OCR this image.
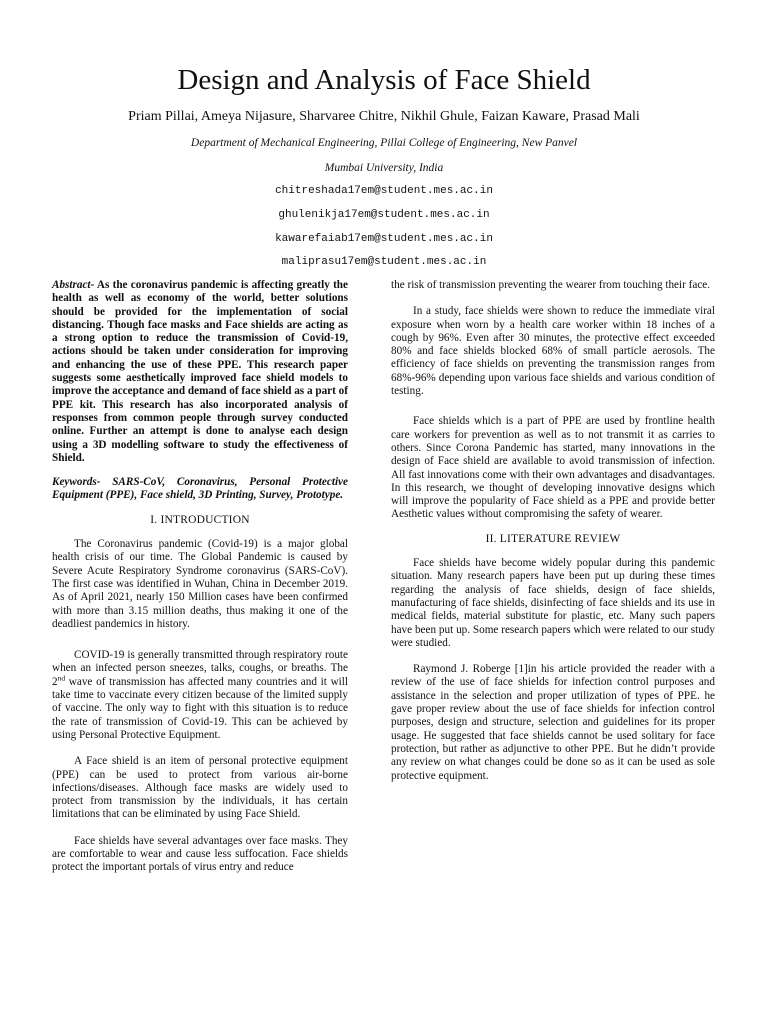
Design and Analysis of Face Shield
Priam Pillai, Ameya Nijasure, Sharvaree Chitre, Nikhil Ghule, Faizan Kaware, Prasad Mali
Department of Mechanical Engineering, Pillai College of Engineering, New Panvel
Mumbai University, India
chitreshada17em@student.mes.ac.in
ghulenikja17em@student.mes.ac.in
kawarefaiab17em@student.mes.ac.in
maliprasu17em@student.mes.ac.in

Abstract- As the coronavirus pandemic is affecting greatly the health as well as economy of the world, better solutions should be provided for the implementation of social distancing. Though face masks and Face shields are acting as a strong option to reduce the transmission of Covid-19, actions should be taken under consideration for improving and enhancing the use of these PPE. This research paper suggests some aesthetically improved face shield models to improve the acceptance and demand of face shield as a part of PPE kit. This research has also incorporated analysis of responses from common people through survey conducted online. Further an attempt is done to analyse each design using a 3D modelling software to study the effectiveness of Shield.

Keywords- SARS-CoV, Coronavirus, Personal Protective Equipment (PPE), Face shield, 3D Printing, Survey, Prototype.

I. INTRODUCTION

The Coronavirus pandemic (Covid-19) is a major global health crisis of our time. The Global Pandemic is caused by Severe Acute Respiratory Syndrome coronavirus (SARS-CoV). The first case was identified in Wuhan, China in December 2019. As of April 2021, nearly 150 Million cases have been confirmed with more than 3.15 million deaths, thus making it one of the deadliest pandemics in history.

COVID-19 is generally transmitted through respiratory route when an infected person sneezes, talks, coughs, or breaths. The 2nd wave of transmission has affected many countries and it will take time to vaccinate every citizen because of the limited supply of vaccine. The only way to fight with this situation is to reduce the rate of transmission of Covid-19. This can be achieved by using Personal Protective Equipment.

A Face shield is an item of personal protective equipment (PPE) can be used to protect from various air-borne infections/diseases. Although face masks are widely used to protect from transmission by the individuals, it has certain limitations that can be eliminated by using Face Shield.

Face shields have several advantages over face masks. They are comfortable to wear and cause less suffocation. Face shields protect the important portals of virus entry and reduce

the risk of transmission preventing the wearer from touching their face.

In a study, face shields were shown to reduce the immediate viral exposure when worn by a health care worker within 18 inches of a cough by 96%. Even after 30 minutes, the protective effect exceeded 80% and face shields blocked 68% of small particle aerosols. The efficiency of face shields on preventing the transmission ranges from 68%-96% depending upon various face shields and various condition of testing.

Face shields which is a part of PPE are used by frontline health care workers for prevention as well as to not transmit it as carries to others. Since Corona Pandemic has started, many innovations in the design of Face shield are available to avoid transmission of infection. All fast innovations come with their own advantages and disadvantages. In this research, we thought of developing innovative designs which will improve the popularity of Face shield as a PPE and provide better Aesthetic values without compromising the safety of wearer.

II. LITERATURE REVIEW

Face shields have become widely popular during this pandemic situation. Many research papers have been put up during these times regarding the analysis of face shields, design of face shields, manufacturing of face shields, disinfecting of face shields and its use in medical fields, material substitute for plastic, etc. Many such papers have been put up. Some research papers which were related to our study were studied.

Raymond J. Roberge [1]in his article provided the reader with a review of the use of face shields for infection control purposes and assistance in the selection and proper utilization of types of PPE. he gave proper review about the use of face shields for infection control purposes, design and structure, selection and guidelines for its proper usage. He suggested that face shields cannot be used solitary for face protection, but rather as adjunctive to other PPE. But he didn’t provide any review on what changes could be done so as it can be used as sole protective equipment.
